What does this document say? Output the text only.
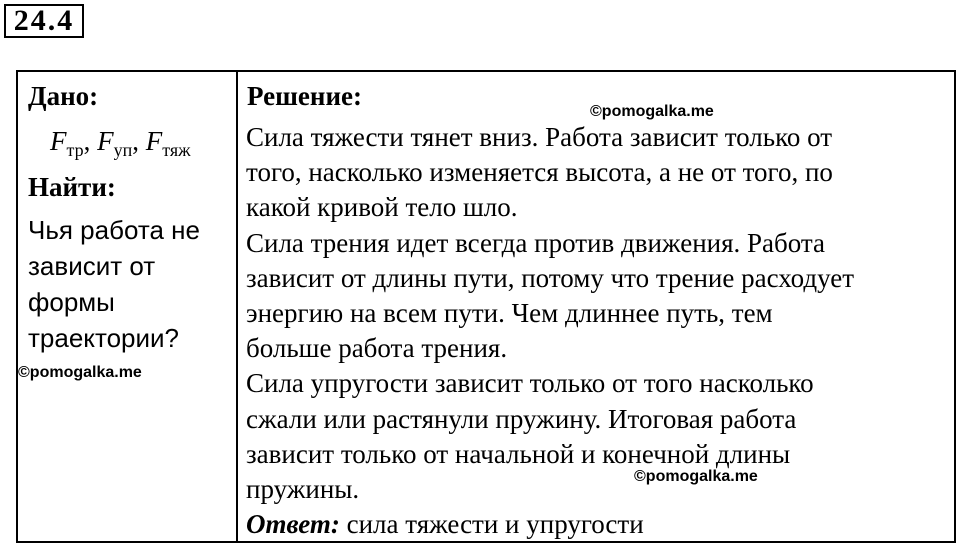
24.4
Дано:
$F_{тр}$, $F_{уп}$, $F_{тяж}$
Найти:
Чья работа не
зависит от
формы
траектории?
Решение:
Сила тяжести тянет вниз. Работа зависит только от
того, насколько изменяется высота, а не от того, по
какой кривой тело шло.
Сила трения идет всегда против движения. Работа
зависит от длины пути, потому что трение расходует
энергию на всем пути. Чем длиннее путь, тем
больше работа трения.
Сила упругости зависит только от того насколько
сжали или растянули пружину. Итоговая работа
зависит только от начальной и конечной длины
пружины.
Ответ: сила тяжести и упругости
©pomogalka.me
©pomogalka.me
©pomogalka.me
